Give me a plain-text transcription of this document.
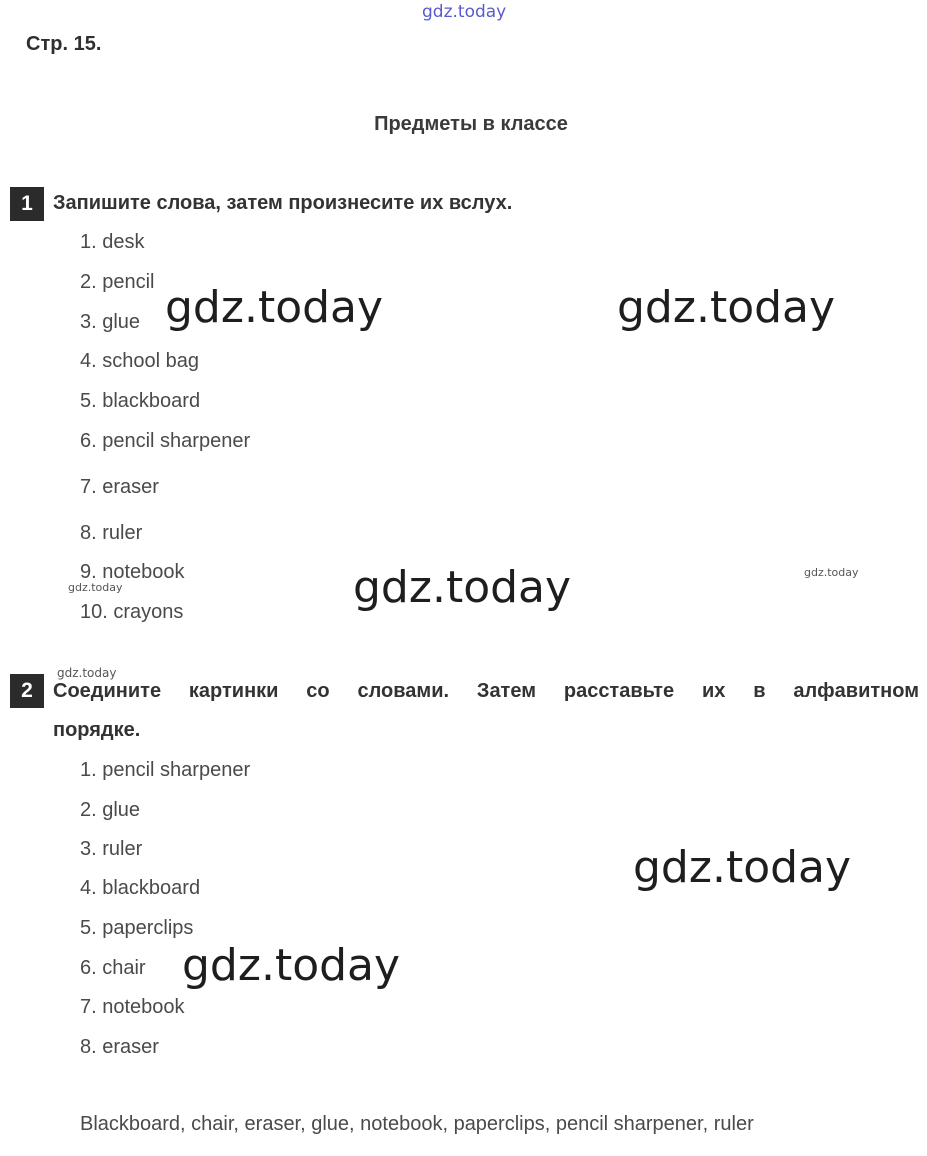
gdz.today
Стр. 15.
Предметы в классе
1	Запишите слова, затем произнесите их вслух.
1. desk
2. pencil
3. glue
4. school bag
5. blackboard
6. pencil sharpener
7. eraser
8. ruler
9. notebook
10. crayons
2	Соедините картинки со словами. Затем расставьте их в алфавитном
порядке.
1. pencil sharpener
2. glue
3. ruler
4. blackboard
5. paperclips
6. chair
7. notebook
8. eraser
Blackboard, chair, eraser, glue, notebook, paperclips, pencil sharpener, ruler
gdz.today	gdz.today
gdz.today
gdz.today
gdz.today
gdz.today
gdz.today
gdz.today
